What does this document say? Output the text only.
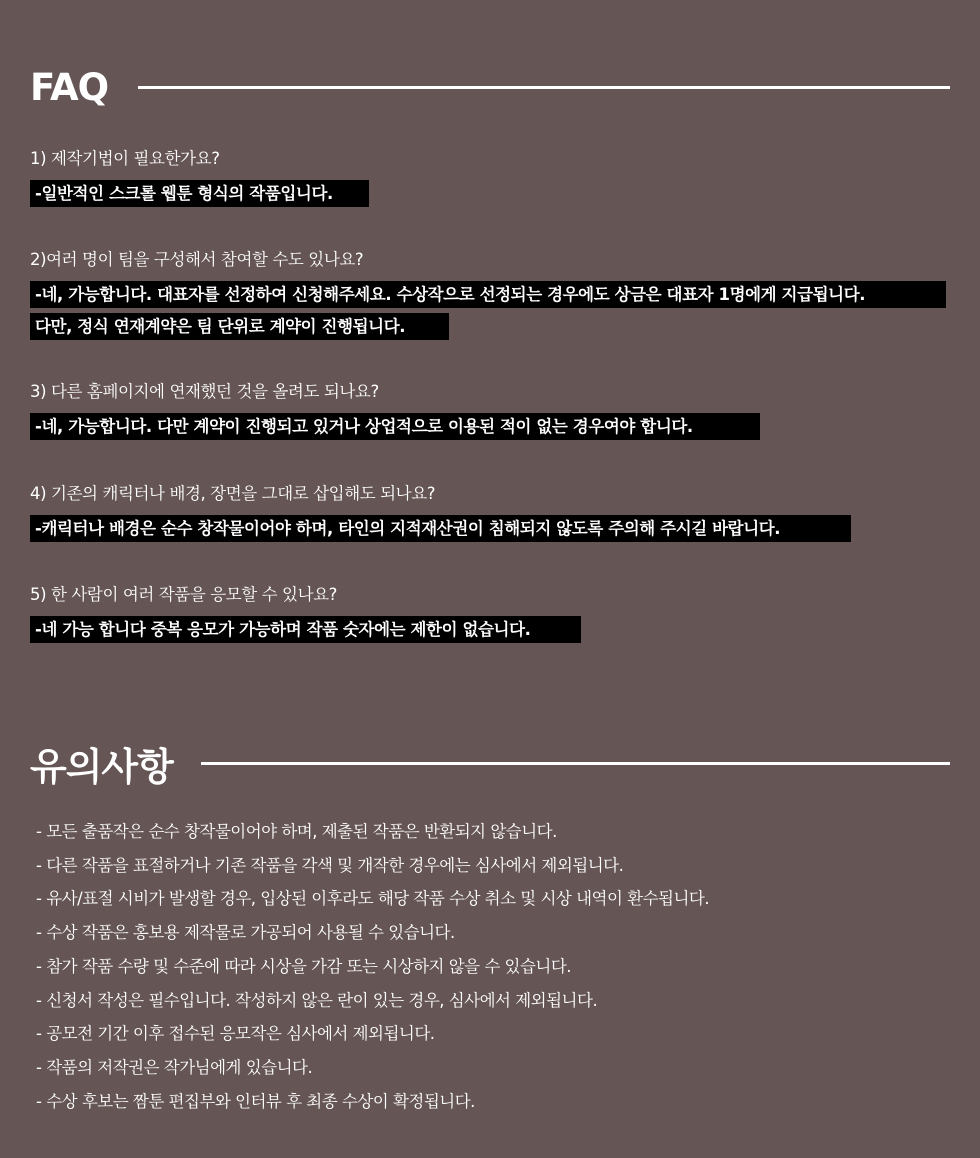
FAQ
1) 제작기법이 필요한가요?
-일반적인 스크롤 웹툰 형식의 작품입니다.
2)여러 명이 팀을 구성해서 참여할 수도 있나요?
-네, 가능합니다. 대표자를 선정하여 신청해주세요. 수상작으로 선정되는 경우에도 상금은 대표자 1명에게 지급됩니다.
다만, 정식 연재계약은 팀 단위로 계약이 진행됩니다.
3) 다른 홈페이지에 연재했던 것을 올려도 되나요?
-네, 가능합니다. 다만 계약이 진행되고 있거나 상업적으로 이용된 적이 없는 경우여야 합니다.
4) 기존의 캐릭터나 배경, 장면을 그대로 삽입해도 되나요?
-캐릭터나 배경은 순수 창작물이어야 하며, 타인의 지적재산권이 침해되지 않도록 주의해 주시길 바랍니다.
5) 한 사람이 여러 작품을 응모할 수 있나요?
-네 가능 합니다 중복 응모가 가능하며 작품 숫자에는 제한이 없습니다.
유의사항
- 모든 출품작은 순수 창작물이어야 하며, 제출된 작품은 반환되지 않습니다.
- 다른 작품을 표절하거나 기존 작품을 각색 및 개작한 경우에는 심사에서 제외됩니다.
- 유사/표절 시비가 발생할 경우, 입상된 이후라도 해당 작품 수상 취소 및 시상 내역이 환수됩니다.
- 수상 작품은 홍보용 제작물로 가공되어 사용될 수 있습니다.
- 참가 작품 수량 및 수준에 따라 시상을 가감 또는 시상하지 않을 수 있습니다.
- 신청서 작성은 필수입니다. 작성하지 않은 란이 있는 경우, 심사에서 제외됩니다.
- 공모전 기간 이후 접수된 응모작은 심사에서 제외됩니다.
- 작품의 저작권은 작가님에게 있습니다.
- 수상 후보는 짬툰 편집부와 인터뷰 후 최종 수상이 확정됩니다.
